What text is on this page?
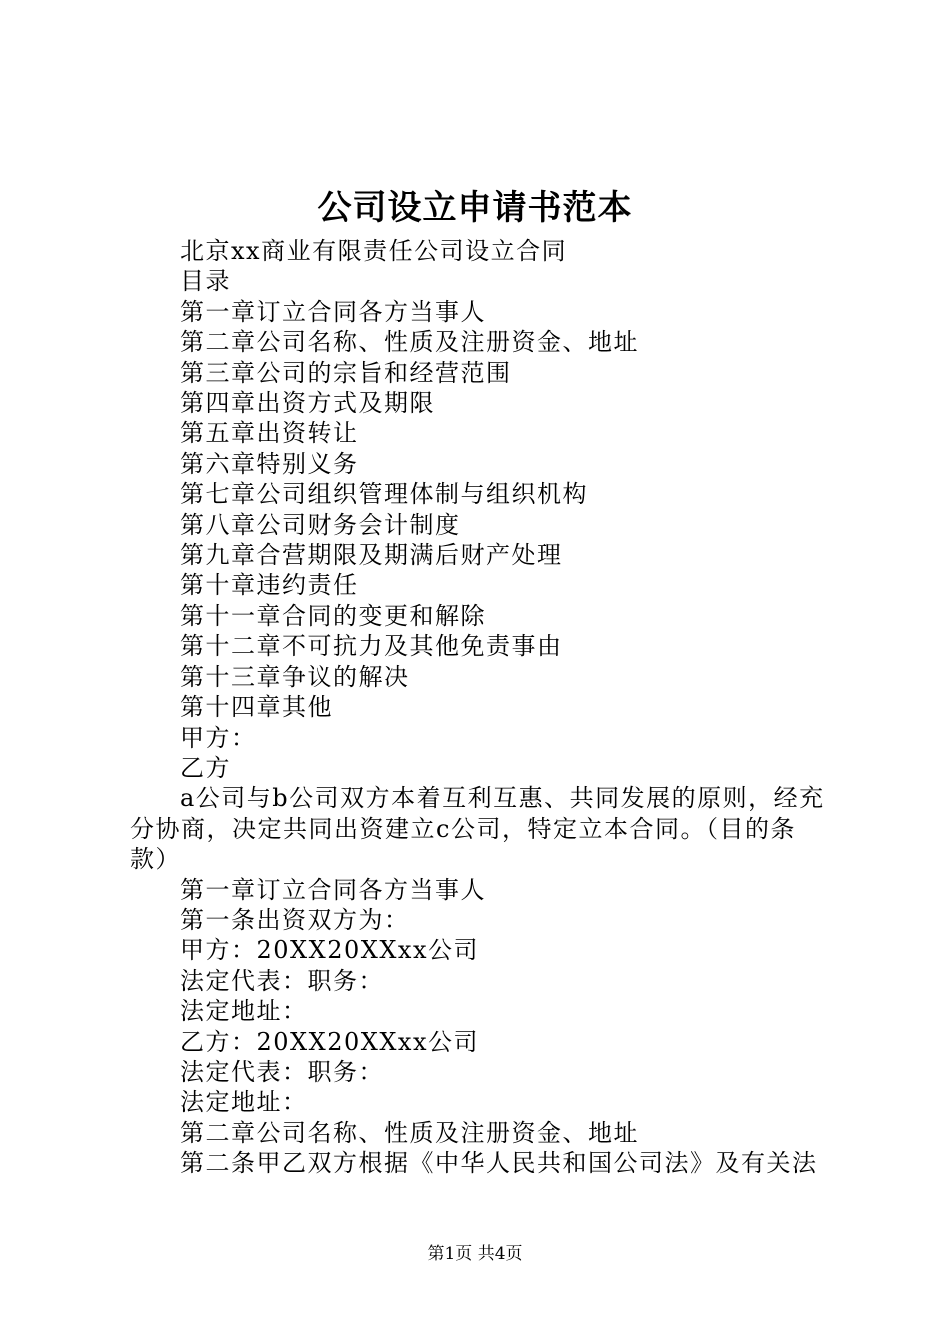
公司设立申请书范本
北京xx商业有限责任公司设立合同
目录
第一章订立合同各方当事人
第二章公司名称、性质及注册资金、地址
第三章公司的宗旨和经营范围
第四章出资方式及期限
第五章出资转让
第六章特别义务
第七章公司组织管理体制与组织机构
第八章公司财务会计制度
第九章合营期限及期满后财产处理
第十章违约责任
第十一章合同的变更和解除
第十二章不可抗力及其他免责事由
第十三章争议的解决
第十四章其他
甲方：
乙方
a公司与b公司双方本着互利互惠、共同发展的原则，经充
分协商，决定共同出资建立c公司，特定立本合同。（目的条
款）
第一章订立合同各方当事人
第一条出资双方为：
甲方：20XX20XXxx公司
法定代表：职务：
法定地址：
乙方：20XX20XXxx公司
法定代表：职务：
法定地址：
第二章公司名称、性质及注册资金、地址
第二条甲乙双方根据《中华人民共和国公司法》及有关法
第1页 共4页
